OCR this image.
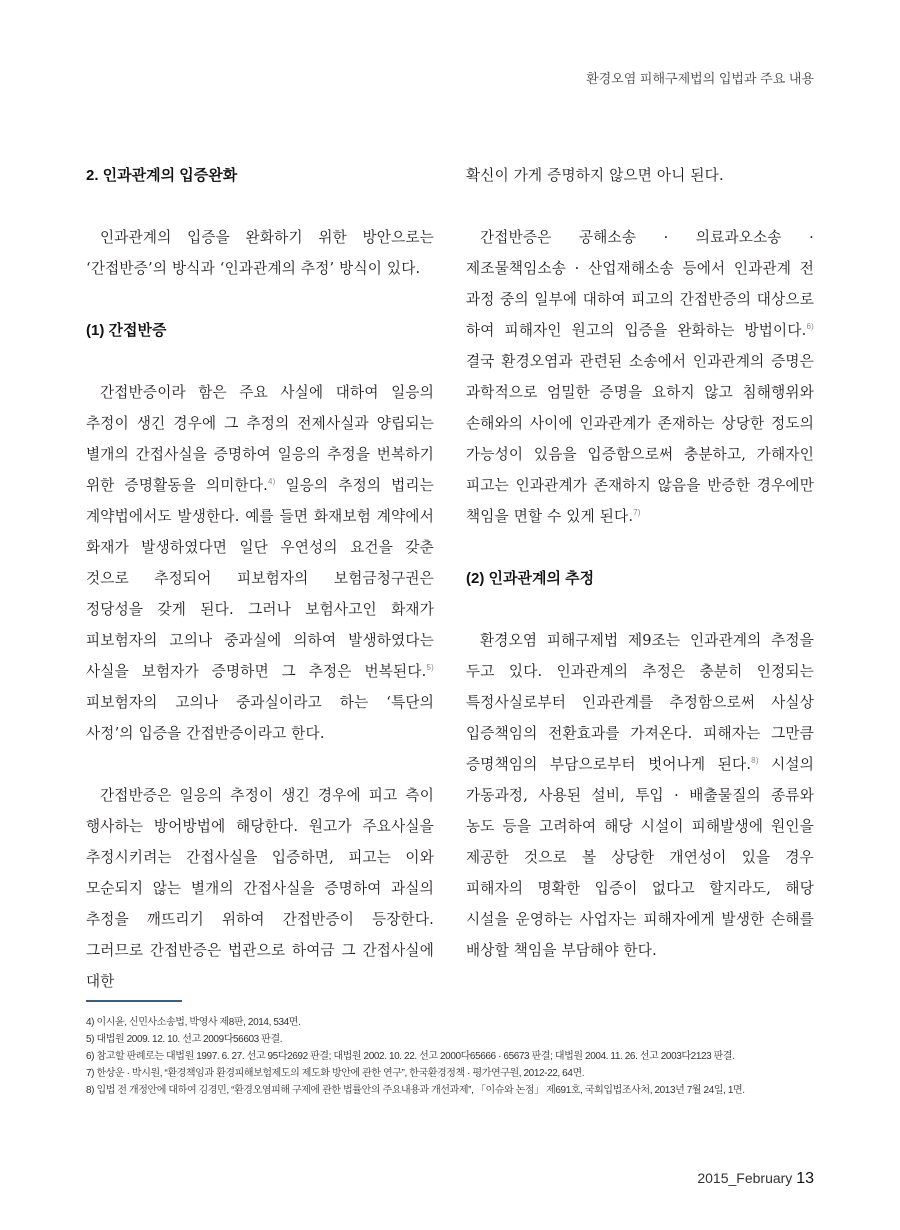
환경오염 피해구제법의 입법과 주요 내용

2. 인과관계의 입증완화

인과관계의 입증을 완화하기 위한 방안으로는 ‘간접반증’의 방식과 ‘인과관계의 추정’ 방식이 있다.

(1) 간접반증

간접반증이라 함은 주요 사실에 대하여 일응의 추정이 생긴 경우에 그 추정의 전제사실과 양립되는 별개의 간접사실을 증명하여 일응의 추정을 번복하기 위한 증명활동을 의미한다.$^{4)}$ 일응의 추정의 법리는 계약법에서도 발생한다. 예를 들면 화재보험 계약에서 화재가 발생하였다면 일단 우연성의 요건을 갖춘 것으로 추정되어 피보험자의 보험금청구권은 정당성을 갖게 된다. 그러나 보험사고인 화재가 피보험자의 고의나 중과실에 의하여 발생하였다는 사실을 보험자가 증명하면 그 추정은 번복된다.$^{5)}$ 피보험자의 고의나 중과실이라고 하는 ‘특단의 사정’의 입증을 간접반증이라고 한다.

간접반증은 일응의 추정이 생긴 경우에 피고 측이 행사하는 방어방법에 해당한다. 원고가 주요사실을 추정시키려는 간접사실을 입증하면, 피고는 이와 모순되지 않는 별개의 간접사실을 증명하여 과실의 추정을 깨뜨리기 위하여 간접반증이 등장한다. 그러므로 간접반증은 법관으로 하여금 그 간접사실에 대한

확신이 가게 증명하지 않으면 아니 된다.

간접반증은 공해소송 · 의료과오소송 · 제조물책임소송 · 산업재해소송 등에서 인과관계 전 과정 중의 일부에 대하여 피고의 간접반증의 대상으로 하여 피해자인 원고의 입증을 완화하는 방법이다.$^{6)}$ 결국 환경오염과 관련된 소송에서 인과관계의 증명은 과학적으로 엄밀한 증명을 요하지 않고 침해행위와 손해와의 사이에 인과관계가 존재하는 상당한 정도의 가능성이 있음을 입증함으로써 충분하고, 가해자인 피고는 인과관계가 존재하지 않음을 반증한 경우에만 책임을 면할 수 있게 된다.$^{7)}$

(2) 인과관계의 추정

환경오염 피해구제법 제9조는 인과관계의 추정을 두고 있다. 인과관계의 추정은 충분히 인정되는 특정사실로부터 인과관계를 추정함으로써 사실상 입증책임의 전환효과를 가져온다. 피해자는 그만큼 증명책임의 부담으로부터 벗어나게 된다.$^{8)}$ 시설의 가동과정, 사용된 설비, 투입 · 배출물질의 종류와 농도 등을 고려하여 해당 시설이 피해발생에 원인을 제공한 것으로 볼 상당한 개연성이 있을 경우 피해자의 명확한 입증이 없다고 할지라도, 해당 시설을 운영하는 사업자는 피해자에게 발생한 손해를 배상할 책임을 부담해야 한다.

4) 이시윤, 신민사소송법, 박영사 제8판, 2014, 534면.
5) 대법원 2009. 12. 10. 선고 2009다56603 판결.
6) 참고할 판례로는 대법원 1997. 6. 27. 선고 95다2692 판결; 대법원 2002. 10. 22. 선고 2000다65666 · 65673 판결; 대법원 2004. 11. 26. 선고 2003다2123 판결.
7) 한상운 · 박시원, “환경책임과 환경피해보험제도의 제도화 방안에 관한 연구”, 한국환경정책 · 평가연구원, 2012-22, 64면.
8) 입법 전 개정안에 대하여 김경민, “환경오염피해 구제에 관한 법률안의 주요내용과 개선과제”, 「이슈와 논점」 제691호, 국회입법조사처, 2013년 7월 24일, 1면.
2015_February 13
